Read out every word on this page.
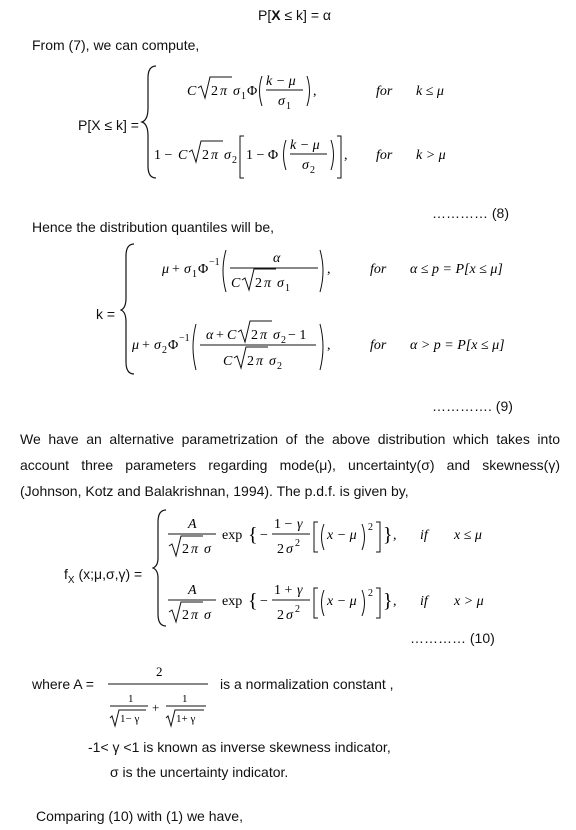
P[X ≤ k] = α
From (7), we can compute,
P[X ≤ k] =
C 2 π σ 1 Φ
k − μ
σ 1
,	for k ≤ μ
1 − C 2 π σ 2 1 − Φ
k − μ
σ 2
, for k > μ
………… (8)
Hence the distribution quantiles will be,
k =
μ + σ 1 Φ −1	α
C 2 π σ 1
,	for α ≤ p = P[x ≤ μ]
μ + σ 2 Φ −1 α + C 2 π σ 2 − 1
C 2 π σ 2
,	for α > p = P[x ≤ μ]
…………. (9)
We have an alternative parametrization of the above distribution which takes into account three parameters regarding mode(μ), uncertainty(σ) and skewness(γ) (Johnson, Kotz and Balakrishnan, 1994). The p.d.f. is given by,
$f_X$ (x;μ,σ,γ) =
A
2 π σ
exp { −
1 − γ
2 σ 2
x − μ
2 } , if x ≤ μ
A
2 π σ
exp { −
1 + γ
2 σ 2
x − μ
2 } , if x > μ
………… (10)
where A =
2
1
1− γ
+
1
1+ γ
is a normalization constant ,
-1< γ <1 is known as inverse skewness indicator,
σ is the uncertainty indicator.
Comparing (10) with (1) we have,
